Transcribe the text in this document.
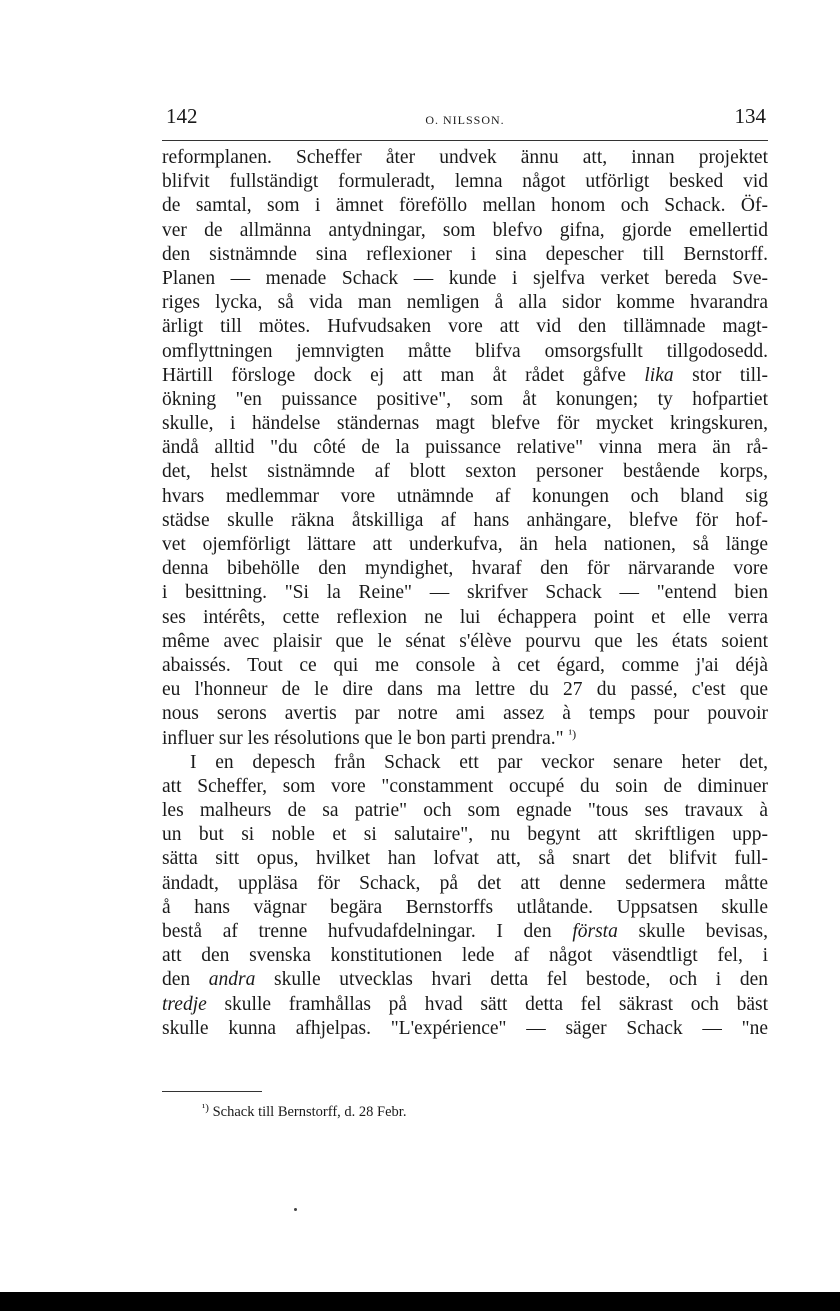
142	O. NILSSON.	134
reformplanen. Scheffer åter undvek ännu att, innan projektet
blifvit fullständigt formuleradt, lemna något utförligt besked vid
de samtal, som i ämnet föreföllo mellan honom och Schack. Öf-
ver de allmänna antydningar, som blefvo gifna, gjorde emellertid
den sistnämnde sina reflexioner i sina depescher till Bernstorff.
Planen — menade Schack — kunde i sjelfva verket bereda Sve-
riges lycka, så vida man nemligen å alla sidor komme hvarandra
ärligt till mötes. Hufvudsaken vore att vid den tillämnade magt-
omflyttningen jemnvigten måtte blifva omsorgsfullt tillgodosedd.
Härtill försloge dock ej att man åt rådet gåfve lika stor till-
ökning "en puissance positive", som åt konungen; ty hofpartiet
skulle, i händelse ständernas magt blefve för mycket kringskuren,
ändå alltid "du côté de la puissance relative" vinna mera än rå-
det, helst sistnämnde af blott sexton personer bestående korps,
hvars medlemmar vore utnämnde af konungen och bland sig
städse skulle räkna åtskilliga af hans anhängare, blefve för hof-
vet ojemförligt lättare att underkufva, än hela nationen, så länge
denna bibehölle den myndighet, hvaraf den för närvarande vore
i besittning. "Si la Reine" — skrifver Schack — "entend bien
ses intérêts, cette reflexion ne lui échappera point et elle verra
même avec plaisir que le sénat s'élève pourvu que les états soient
abaissés. Tout ce qui me console à cet égard, comme j'ai déjà
eu l'honneur de le dire dans ma lettre du 27 du passé, c'est que
nous serons avertis par notre ami assez à temps pour pouvoir
influer sur les résolutions que le bon parti prendra." $^{^1)}$
I en depesch från Schack ett par veckor senare heter det,
att Scheffer, som vore "constamment occupé du soin de diminuer
les malheurs de sa patrie" och som egnade "tous ses travaux à
un but si noble et si salutaire", nu begynt att skriftligen upp-
sätta sitt opus, hvilket han lofvat att, så snart det blifvit full-
ändadt, uppläsa för Schack, på det att denne sedermera måtte
å hans vägnar begära Bernstorffs utlåtande. Uppsatsen skulle
bestå af trenne hufvudafdelningar. I den första skulle bevisas,
att den svenska konstitutionen lede af något väsendtligt fel, i
den andra skulle utvecklas hvari detta fel bestode, och i den
tredje skulle framhållas på hvad sätt detta fel säkrast och bäst
skulle kunna afhjelpas. "L'expérience" — säger Schack — "ne
$^{^1)}$ Schack till Bernstorff, d. 28 Febr.
